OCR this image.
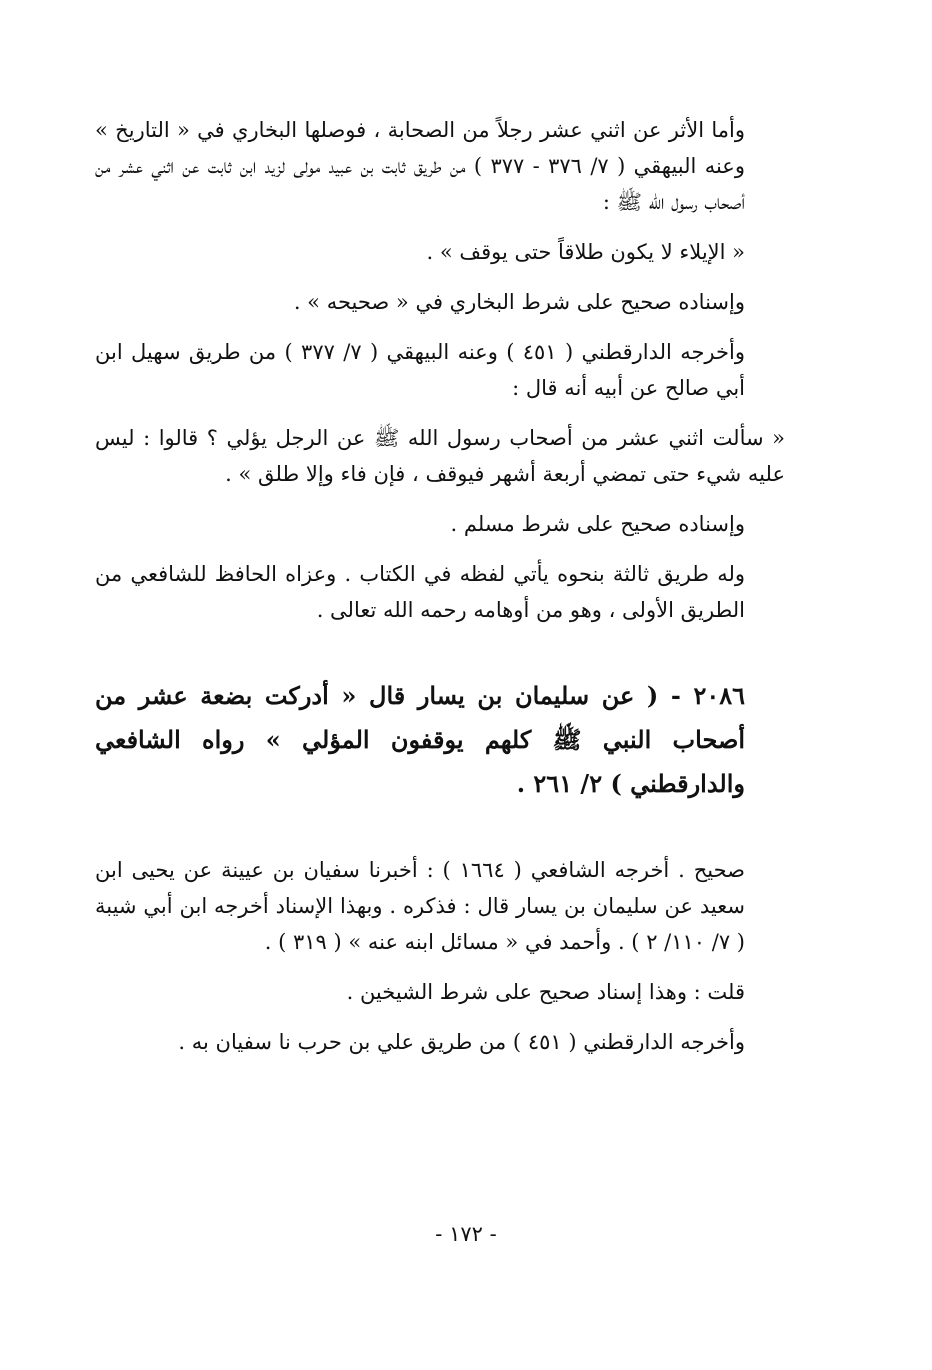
وأما الأثر عن اثني عشر رجلاً من الصحابة ، فوصلها البخاري في « التاريخ » وعنه البيهقي ( ٧/ ٣٧٦ - ٣٧٧ ) من طريق ثابت بن عبيد مولى لزيد ابن ثابت عن اثني عشر من أصحاب رسول الله ﷺ :

« الإيلاء لا يكون طلاقاً حتى يوقف » .

وإسناده صحيح على شرط البخاري في « صحيحه » .

وأخرجه الدارقطني ( ٤٥١ ) وعنه البيهقي ( ٧/ ٣٧٧ ) من طريق سهيل ابن أبي صالح عن أبيه أنه قال :

« سألت اثني عشر من أصحاب رسول الله ﷺ عن الرجل يؤلي ؟ قالوا : ليس عليه شيء حتى تمضي أربعة أشهر فيوقف ، فإن فاء وإلا طلق » .

وإسناده صحيح على شرط مسلم .

وله طريق ثالثة بنحوه يأتي لفظه في الكتاب . وعزاه الحافظ للشافعي من الطريق الأولى ، وهو من أوهامه رحمه الله تعالى .

٢٠٨٦ - ( عن سليمان بن يسار قال « أدركت بضعة عشر من أصحاب النبي ﷺ كلهم يوقفون المؤلي » رواه الشافعي والدارقطني ) ٢/ ٢٦١ .

صحيح . أخرجه الشافعي ( ١٦٦٤ ) : أخبرنا سفيان بن عيينة عن يحيى ابن سعيد عن سليمان بن يسار قال : فذكره . وبهذا الإسناد أخرجه ابن أبي شيبة ( ٧/ ١١٠/ ٢ ) . وأحمد في « مسائل ابنه عنه » ( ٣١٩ ) .

قلت : وهذا إسناد صحيح على شرط الشيخين .

وأخرجه الدارقطني ( ٤٥١ ) من طريق علي بن حرب نا سفيان به .

- ١٧٢ -
